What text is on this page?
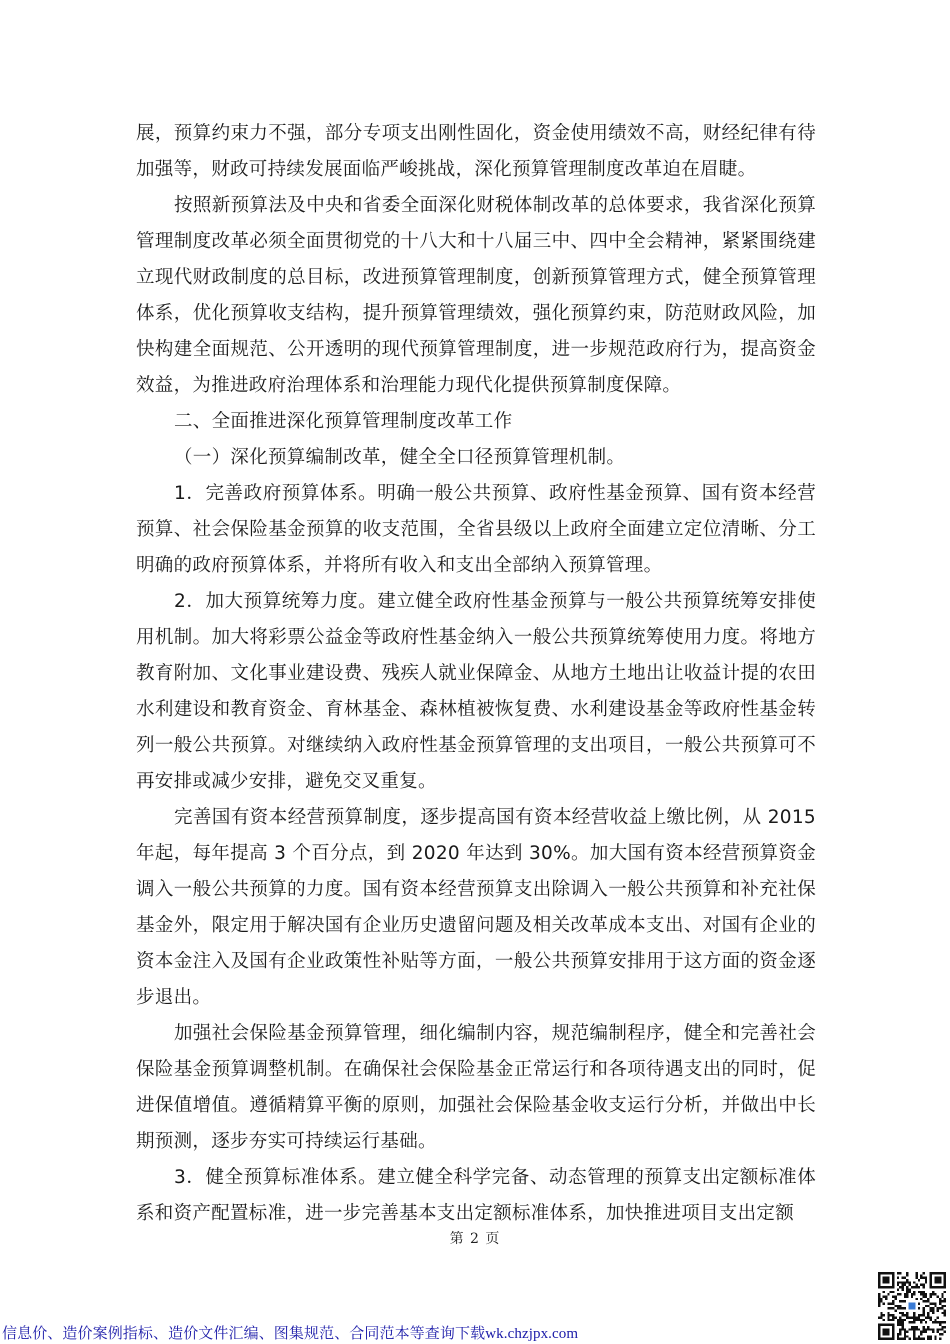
展，预算约束力不强，部分专项支出刚性固化，资金使用绩效不高，财经纪律有待加强等，财政可持续发展面临严峻挑战，深化预算管理制度改革迫在眉睫。

按照新预算法及中央和省委全面深化财税体制改革的总体要求，我省深化预算管理制度改革必须全面贯彻党的十八大和十八届三中、四中全会精神，紧紧围绕建立现代财政制度的总目标，改进预算管理制度，创新预算管理方式，健全预算管理体系，优化预算收支结构，提升预算管理绩效，强化预算约束，防范财政风险，加快构建全面规范、公开透明的现代预算管理制度，进一步规范政府行为，提高资金效益，为推进政府治理体系和治理能力现代化提供预算制度保障。

二、全面推进深化预算管理制度改革工作

（一）深化预算编制改革，健全全口径预算管理机制。

1．完善政府预算体系。明确一般公共预算、政府性基金预算、国有资本经营预算、社会保险基金预算的收支范围，全省县级以上政府全面建立定位清晰、分工明确的政府预算体系，并将所有收入和支出全部纳入预算管理。

2．加大预算统筹力度。建立健全政府性基金预算与一般公共预算统筹安排使用机制。加大将彩票公益金等政府性基金纳入一般公共预算统筹使用力度。将地方教育附加、文化事业建设费、残疾人就业保障金、从地方土地出让收益计提的农田水利建设和教育资金、育林基金、森林植被恢复费、水利建设基金等政府性基金转列一般公共预算。对继续纳入政府性基金预算管理的支出项目，一般公共预算可不再安排或减少安排，避免交叉重复。

完善国有资本经营预算制度，逐步提高国有资本经营收益上缴比例，从 2015 年起，每年提高 3 个百分点，到 2020 年达到 30%。加大国有资本经营预算资金调入一般公共预算的力度。国有资本经营预算支出除调入一般公共预算和补充社保基金外，限定用于解决国有企业历史遗留问题及相关改革成本支出、对国有企业的资本金注入及国有企业政策性补贴等方面，一般公共预算安排用于这方面的资金逐步退出。

加强社会保险基金预算管理，细化编制内容，规范编制程序，健全和完善社会保险基金预算调整机制。在确保社会保险基金正常运行和各项待遇支出的同时，促进保值增值。遵循精算平衡的原则，加强社会保险基金收支运行分析，并做出中长期预测，逐步夯实可持续运行基础。

3．健全预算标准体系。建立健全科学完备、动态管理的预算支出定额标准体系和资产配置标准，进一步完善基本支出定额标准体系，加快推进项目支出定额

第 2 页
信息价、造价案例指标、造价文件汇编、图集规范、合同范本等查询下载wk.chzjpx.com
